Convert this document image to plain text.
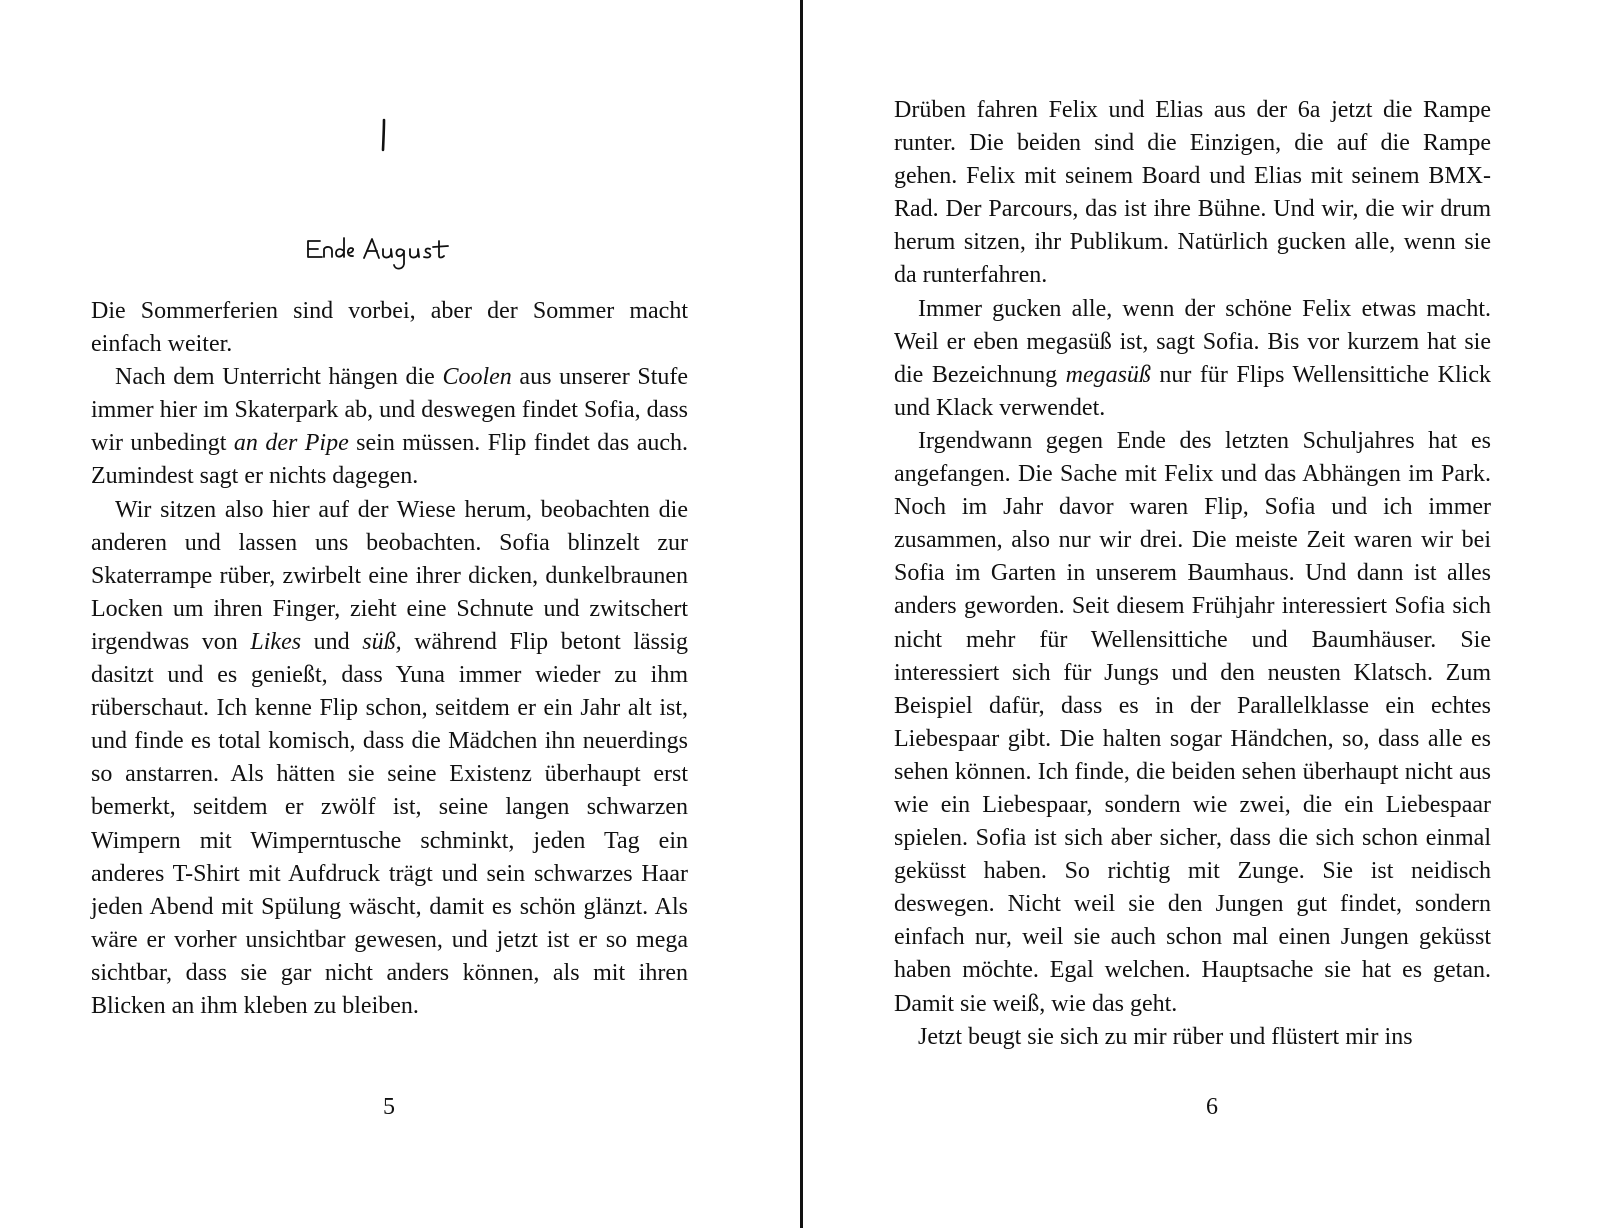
Die Sommerferien sind vorbei, aber der Sommer macht einfach weiter.

Nach dem Unterricht hängen die Coolen aus unserer Stufe immer hier im Skaterpark ab, und deswegen findet Sofia, dass wir unbedingt an der Pipe sein müssen. Flip findet das auch. Zumindest sagt er nichts dagegen.

Wir sitzen also hier auf der Wiese herum, beobachten die anderen und lassen uns beobachten. Sofia blinzelt zur Skaterrampe rüber, zwirbelt eine ihrer dicken, dunkelbraunen Locken um ihren Finger, zieht eine Schnute und zwitschert irgendwas von Likes und süß, während Flip betont lässig dasitzt und es genießt, dass Yuna immer wieder zu ihm rüberschaut. Ich kenne Flip schon, seitdem er ein Jahr alt ist, und finde es total komisch, dass die Mädchen ihn neuerdings so anstarren. Als hätten sie seine Existenz überhaupt erst bemerkt, seitdem er zwölf ist, seine langen schwarzen Wimpern mit Wimperntusche schminkt, jeden Tag ein anderes T-Shirt mit Aufdruck trägt und sein schwarzes Haar jeden Abend mit Spülung wäscht, damit es schön glänzt. Als wäre er vorher unsichtbar gewesen, und jetzt ist er so mega sichtbar, dass sie gar nicht anders können, als mit ihren Blicken an ihm kleben zu bleiben.

5

Drüben fahren Felix und Elias aus der 6a jetzt die Rampe runter. Die beiden sind die Einzigen, die auf die Rampe gehen. Felix mit seinem Board und Elias mit seinem BMX-Rad. Der Parcours, das ist ihre Bühne. Und wir, die wir drum herum sitzen, ihr Publikum. Natürlich gucken alle, wenn sie da runterfahren.

Immer gucken alle, wenn der schöne Felix etwas macht. Weil er eben megasüß ist, sagt Sofia. Bis vor kurzem hat sie die Bezeichnung megasüß nur für Flips Wellensittiche Klick und Klack verwendet.

Irgendwann gegen Ende des letzten Schuljahres hat es angefangen. Die Sache mit Felix und das Abhängen im Park. Noch im Jahr davor waren Flip, Sofia und ich immer zusammen, also nur wir drei. Die meiste Zeit waren wir bei Sofia im Garten in unserem Baumhaus. Und dann ist alles anders geworden. Seit diesem Frühjahr interessiert Sofia sich nicht mehr für Wellensittiche und Baumhäuser. Sie interessiert sich für Jungs und den neusten Klatsch. Zum Beispiel dafür, dass es in der Parallelklasse ein echtes Liebespaar gibt. Die halten sogar Händchen, so, dass alle es sehen können. Ich finde, die beiden sehen überhaupt nicht aus wie ein Liebespaar, sondern wie zwei, die ein Liebespaar spielen. Sofia ist sich aber sicher, dass die sich schon einmal geküsst haben. So richtig mit Zunge. Sie ist neidisch deswegen. Nicht weil sie den Jungen gut findet, sondern einfach nur, weil sie auch schon mal einen Jungen geküsst haben möchte. Egal welchen. Hauptsache sie hat es getan. Damit sie weiß, wie das geht.

Jetzt beugt sie sich zu mir rüber und flüstert mir ins

6
